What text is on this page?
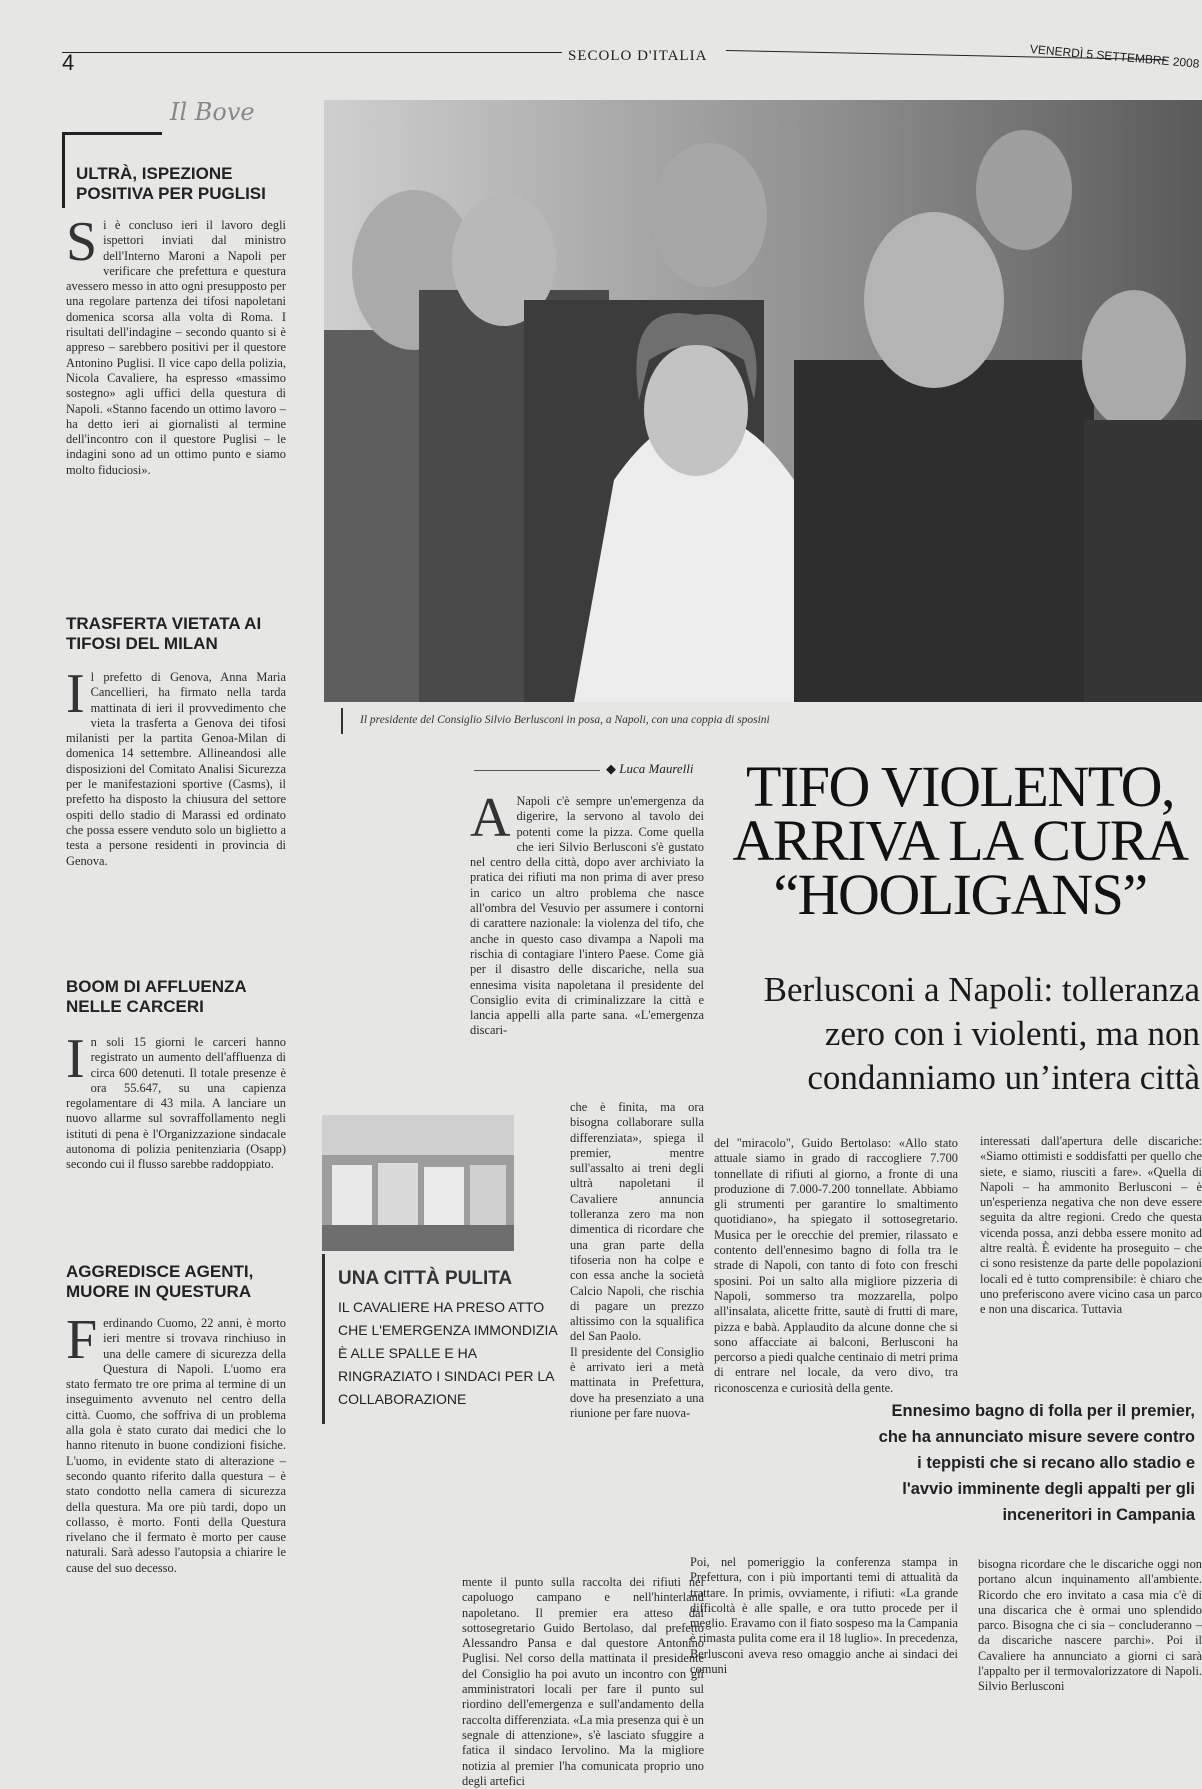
4	SECOLO D'ITALIA	VENERDÌ 5 SETTEMBRE 2008
Il Bove
ULTRÀ, ISPEZIONE POSITIVA PER PUGLISI
Si è concluso ieri il lavoro degli ispettori inviati dal ministro dell'Interno Maroni a Napoli per verificare che prefettura e questura avessero messo in atto ogni presupposto per una regolare partenza dei tifosi napoletani domenica scorsa alla volta di Roma. I risultati dell'indagine – secondo quanto si è appreso – sarebbero positivi per il questore Antonino Puglisi. Il vice capo della polizia, Nicola Cavaliere, ha espresso «massimo sostegno» agli uffici della questura di Napoli. «Stanno facendo un ottimo lavoro – ha detto ieri ai giornalisti al termine dell'incontro con il questore Puglisi – le indagini sono ad un ottimo punto e siamo molto fiduciosi».
TRASFERTA VIETATA AI TIFOSI DEL MILAN
Il prefetto di Genova, Anna Maria Cancellieri, ha firmato nella tarda mattinata di ieri il provvedimento che vieta la trasferta a Genova dei tifosi milanisti per la partita Genoa-Milan di domenica 14 settembre. Allineandosi alle disposizioni del Comitato Analisi Sicurezza per le manifestazioni sportive (Casms), il prefetto ha disposto la chiusura del settore ospiti dello stadio di Marassi ed ordinato che possa essere venduto solo un biglietto a testa a persone residenti in provincia di Genova.
BOOM DI AFFLUENZA NELLE CARCERI
In soli 15 giorni le carceri hanno registrato un aumento dell'affluenza di circa 600 detenuti. Il totale presenze è ora 55.647, su una capienza regolamentare di 43 mila. A lanciare un nuovo allarme sul sovraffollamento negli istituti di pena è l'Organizzazione sindacale autonoma di polizia penitenziaria (Osapp) secondo cui il flusso sarebbe raddoppiato.
AGGREDISCE AGENTI, MUORE IN QUESTURA
Ferdinando Cuomo, 22 anni, è morto ieri mentre si trovava rinchiuso in una delle camere di sicurezza della Questura di Napoli. L'uomo era stato fermato tre ore prima al termine di un inseguimento avvenuto nel centro della città. Cuomo, che soffriva di un problema alla gola è stato curato dai medici che lo hanno ritenuto in buone condizioni fisiche. L'uomo, in evidente stato di alterazione – secondo quanto riferito dalla questura – è stato condotto nella camera di sicurezza della questura. Ma ore più tardi, dopo un collasso, è morto. Fonti della Questura rivelano che il fermato è morto per cause naturali. Sarà adesso l'autopsia a chiarire le cause del suo decesso.
Il presidente del Consiglio Silvio Berlusconi in posa, a Napoli, con una coppia di sposini
◆ Luca Maurelli TIFO VIOLENTO,
ARRIVA LA CURA
“HOOLIGANS”
Berlusconi a Napoli: tolleranza zero con i violenti, ma non condanniamo un’intera città
A Napoli c'è sempre un'emergenza da digerire, la servono al tavolo dei potenti come la pizza. Come quella che ieri Silvio Berlusconi s'è gustato nel centro della città, dopo aver archiviato la pratica dei rifiuti ma non prima di aver preso in carico un altro problema che nasce all'ombra del Vesuvio per assumere i contorni di carattere nazionale: la violenza del tifo, che anche in questo caso divampa a Napoli ma rischia di contagiare l'intero Paese. Come già per il disastro delle discariche, nella sua ennesima visita napoletana il presidente del Consiglio evita di criminalizzare la città e lancia appelli alla parte sana. «L'emergenza discari-
che è finita, ma ora bisogna collaborare sulla differenziata», spiega il premier, mentre sull'assalto ai treni degli ultrà napoletani il Cavaliere annuncia tolleranza zero ma non dimentica di ricordare che una gran parte della tifoseria non ha colpe e con essa anche la società Calcio Napoli, che rischia di pagare un prezzo altissimo con la squalifica del San Paolo.
Il presidente del Consiglio è arrivato ieri a metà mattinata in Prefettura, dove ha presenziato a una riunione per fare nuova-
mente il punto sulla raccolta dei rifiuti nel capoluogo campano e nell'hinterland napoletano. Il premier era atteso dal sottosegretario Guido Bertolaso, dal prefetto Alessandro Pansa e dal questore Antonino Puglisi. Nel corso della mattinata il presidente del Consiglio ha poi avuto un incontro con gli amministratori locali per fare il punto sul riordino dell'emergenza e sull'andamento della raccolta differenziata. «La mia presenza qui è un segnale di attenzione», s'è lasciato sfuggire a fatica il sindaco Iervolino. Ma la migliore notizia al premier l'ha comunicata proprio uno degli artefici
del "miracolo", Guido Bertolaso: «Allo stato attuale siamo in grado di raccogliere 7.700 tonnellate di rifiuti al giorno, a fronte di una produzione di 7.000-7.200 tonnellate. Abbiamo gli strumenti per garantire lo smaltimento quotidiano», ha spiegato il sottosegretario. Musica per le orecchie del premier, rilassato e contento dell'ennesimo bagno di folla tra le strade di Napoli, con tanto di foto con freschi sposini. Poi un salto alla migliore pizzeria di Napoli, sommerso tra mozzarella, polpo all'insalata, alicette fritte, sautè di frutti di mare, pizza e babà. Applaudito da alcune donne che si sono affacciate ai balconi, Berlusconi ha percorso a piedi qualche centinaio di metri prima di entrare nel locale, da vero divo, tra riconoscenza e curiosità della gente.
interessati dall'apertura delle discariche: «Siamo ottimisti e soddisfatti per quello che siete, e siamo, riusciti a fare». «Quella di Napoli – ha ammonito Berlusconi – è un'esperienza negativa che non deve essere seguita da altre regioni. Credo che questa vicenda possa, anzi debba essere monito ad altre realtà. È evidente ha proseguito – che ci sono resistenze da parte delle popolazioni locali ed è tutto comprensibile: è chiaro che uno preferiscono avere vicino casa un parco e non una discarica. Tuttavia
Poi, nel pomeriggio la conferenza stampa in Prefettura, con i più importanti temi di attualità da trattare. In primis, ovviamente, i rifiuti: «La grande difficoltà è alle spalle, e ora tutto procede per il meglio. Eravamo con il fiato sospeso ma la Campania è rimasta pulita come era il 18 luglio». In precedenza, Berlusconi aveva reso omaggio anche ai sindaci dei comuni
bisogna ricordare che le discariche oggi non portano alcun inquinamento all'ambiente. Ricordo che ero invitato a casa mia c'è di una discarica che è ormai uno splendido parco. Bisogna che ci sia – concluderanno – da discariche nascere parchi». Poi il Cavaliere ha annunciato a giorni ci sarà l'appalto per il termovalorizzatore di Napoli. Silvio Berlusconi
UNA CITTÀ PULITA
IL CAVALIERE HA PRESO ATTO CHE L'EMERGENZA IMMONDIZIA È ALLE SPALLE E HA RINGRAZIATO I SINDACI PER LA COLLABORAZIONE
Ennesimo bagno di folla per il premier, che ha annunciato misure severe contro i teppisti che si recano allo stadio e l'avvio imminente degli appalti per gli inceneritori in Campania
